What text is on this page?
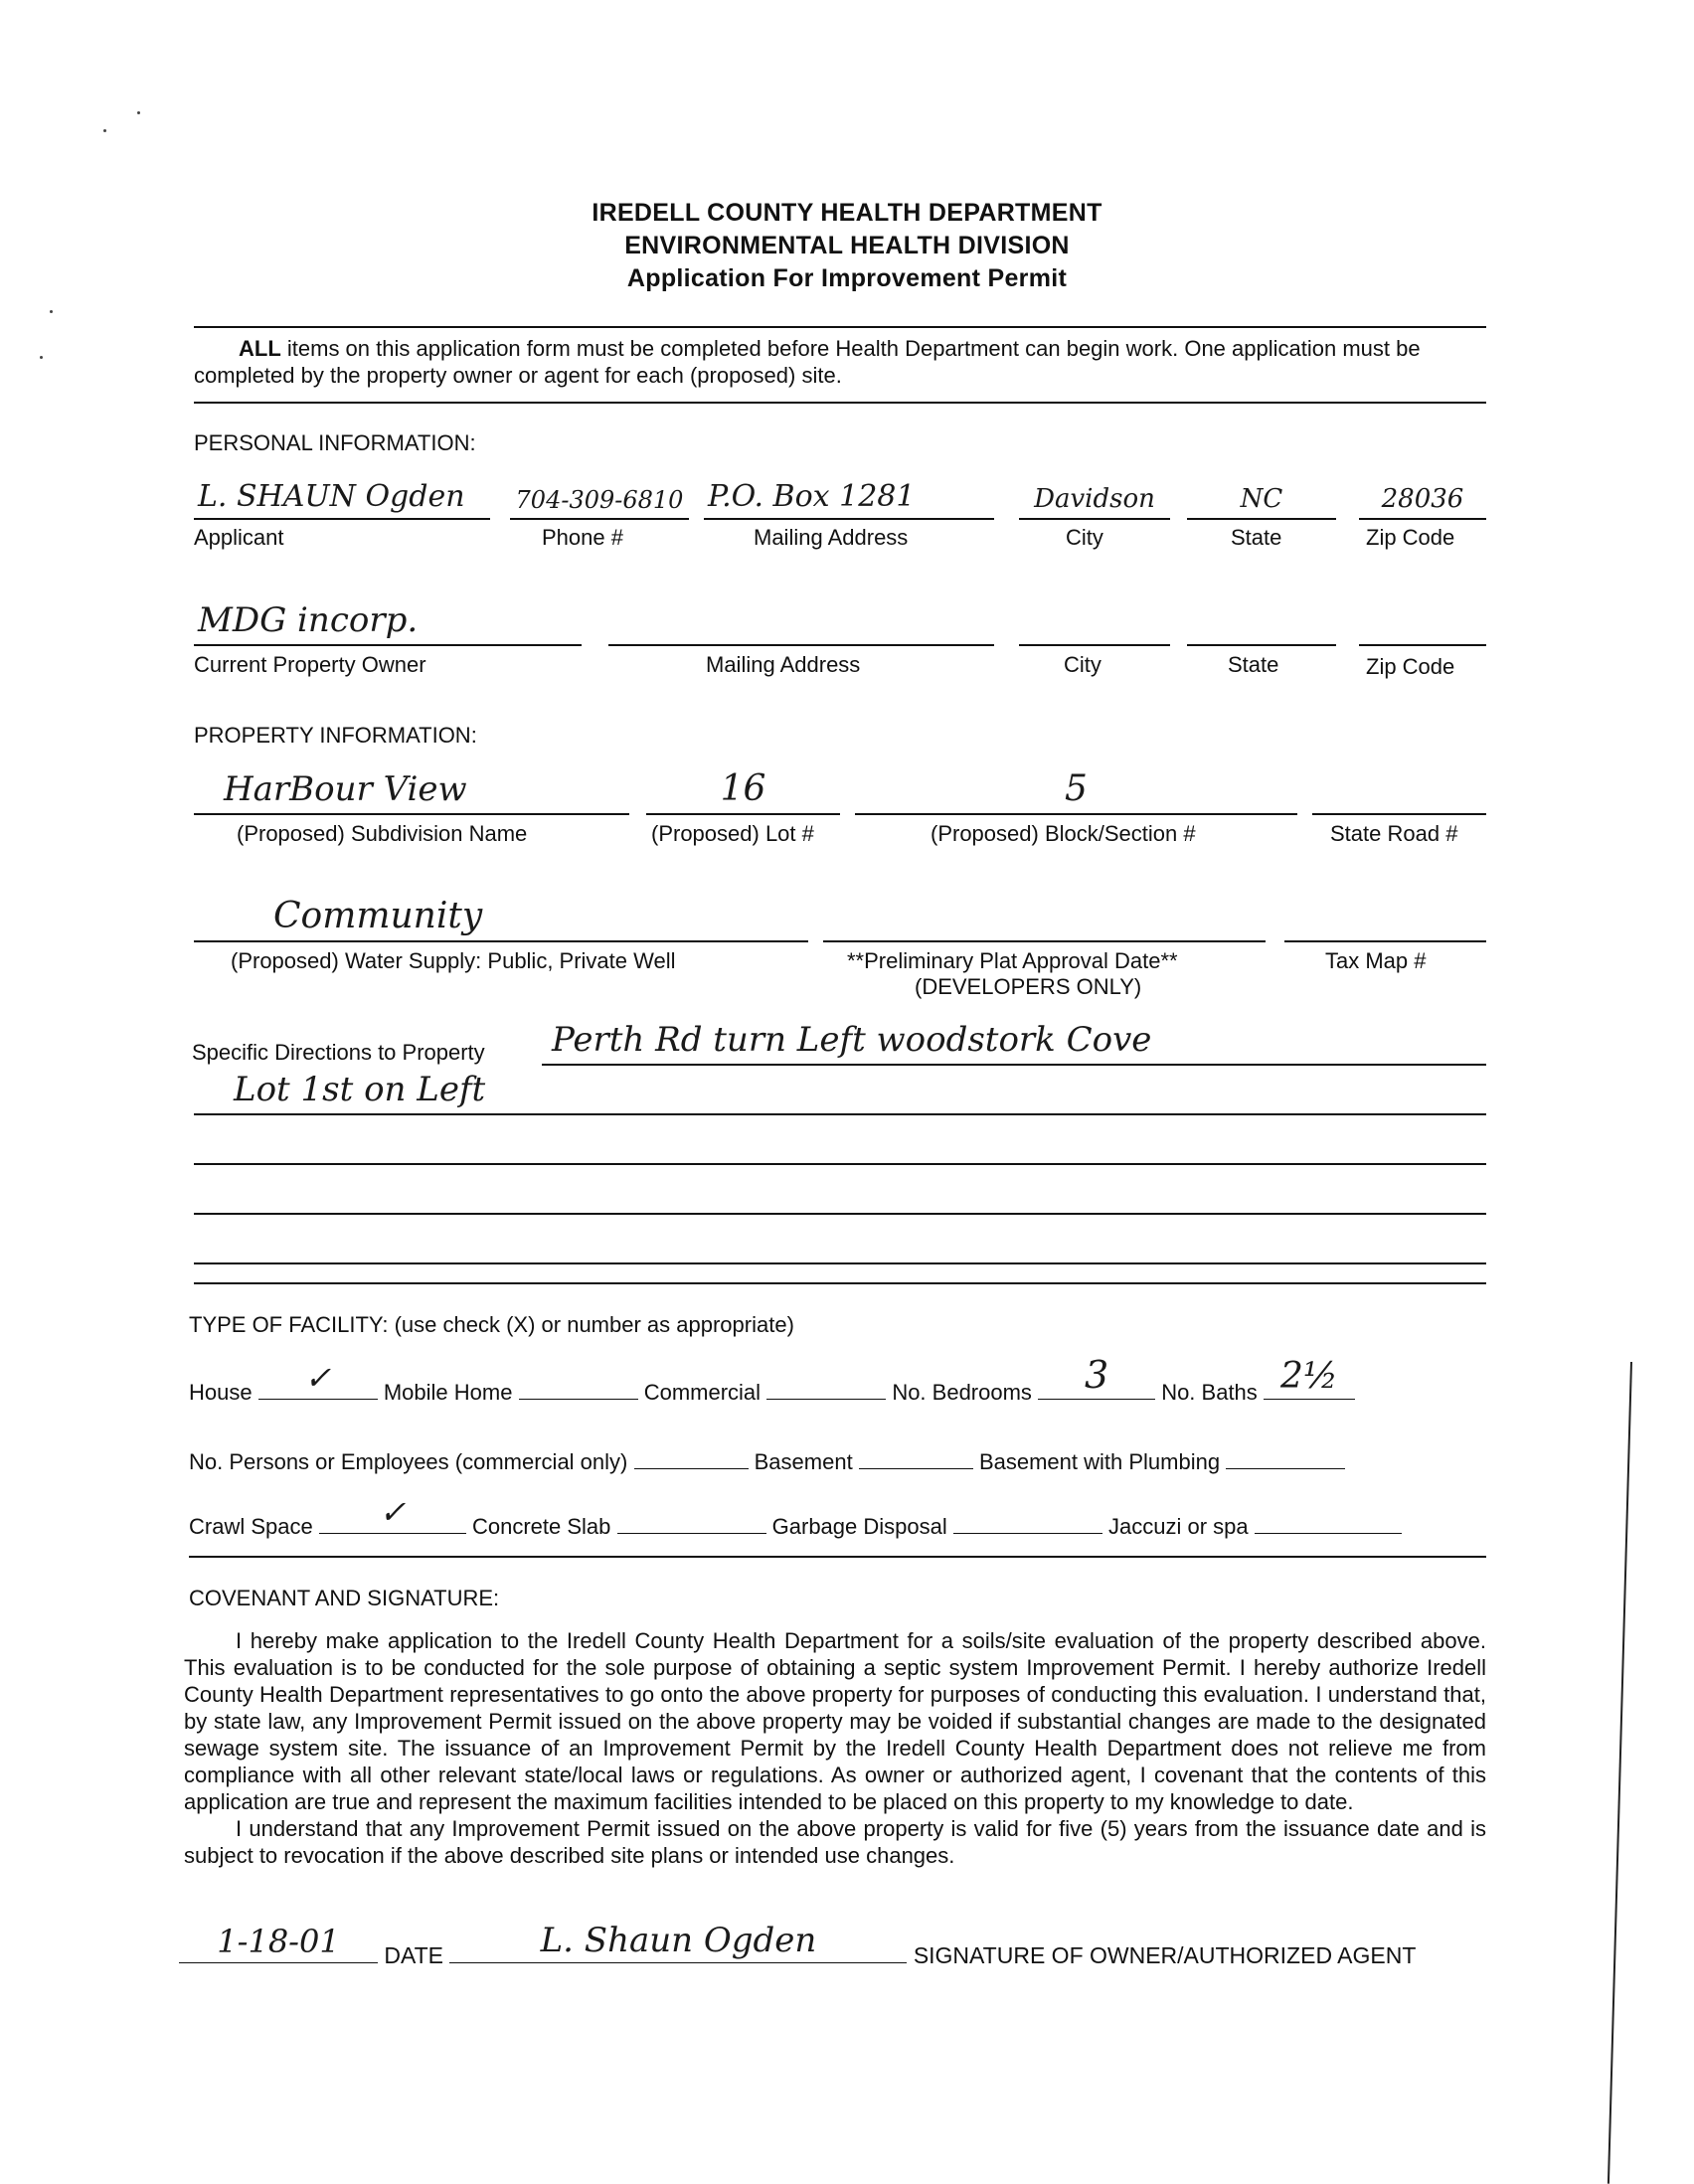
IREDELL COUNTY HEALTH DEPARTMENT
ENVIRONMENTAL HEALTH DIVISION
Application For Improvement Permit
ALL items on this application form must be completed before Health Department can begin work. One application must be completed by the property owner or agent for each (proposed) site.
PERSONAL INFORMATION:
L. SHAUN Ogden	704-309-6810 P.O. Box 1281	Davidson	NC	28036
Applicant	Phone #	Mailing Address	City	State	Zip Code
MDG incorp.
Current Property Owner	Mailing Address	City	State	Zip Code
PROPERTY INFORMATION:
HarBour View	16	5
(Proposed) Subdivision Name	(Proposed) Lot #	(Proposed) Block/Section #	State Road #
Community
(Proposed) Water Supply: Public, Private Well	**Preliminary Plat Approval Date**
(DEVELOPERS ONLY)
Tax Map #
Specific Directions to Property Perth Rd turn Left woodstork Cove
Lot 1st on Left
TYPE OF FACILITY: (use check (X) or number as appropriate)
House	✓	Mobile Home	Commercial	No. Bedrooms	3	No. Baths 2½
No. Persons or Employees (commercial only)	Basement	Basement with Plumbing
Crawl Space	✓	Concrete Slab	Garbage Disposal	Jaccuzi or spa
COVENANT AND SIGNATURE:

I hereby make application to the Iredell County Health Department for a soils/site evaluation of the property described above. This evaluation is to be conducted for the sole purpose of obtaining a septic system Improvement Permit. I hereby authorize Iredell County Health Department representatives to go onto the above property for purposes of conducting this evaluation. I understand that, by state law, any Improvement Permit issued on the above property may be voided if substantial changes are made to the designated sewage system site. The issuance of an Improvement Permit by the Iredell County Health Department does not relieve me from compliance with all other relevant state/local laws or regulations. As owner or authorized agent, I covenant that the contents of this application are true and represent the maximum facilities intended to be placed on this property to my knowledge to date.

I understand that any Improvement Permit issued on the above property is valid for five (5) years from the issuance date and is subject to revocation if the above described site plans or intended use changes.

1-18-01	DATE	L. Shaun Ogden	SIGNATURE OF OWNER/AUTHORIZED AGENT
